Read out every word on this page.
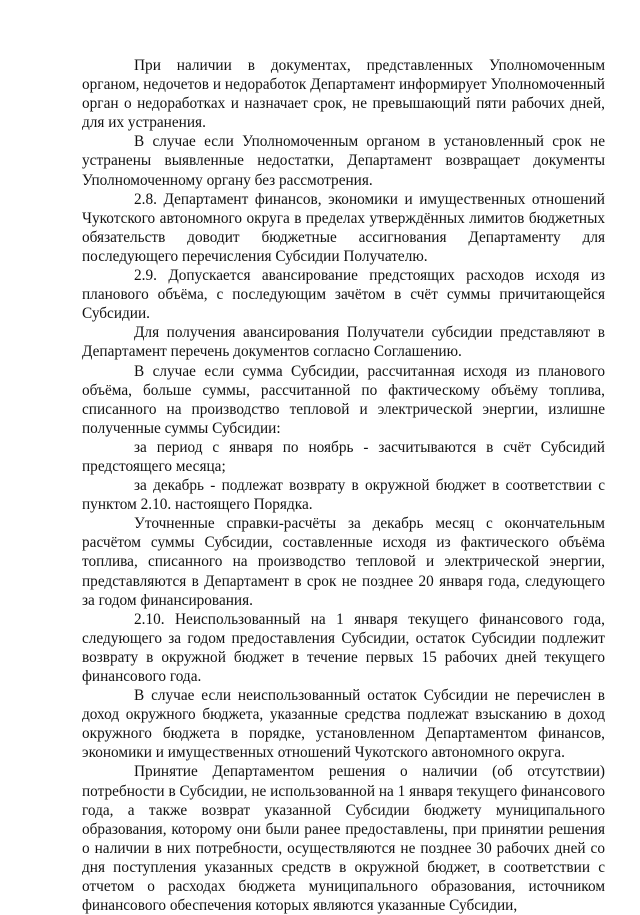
При наличии в документах, представленных Уполномоченным органом, недочетов и недоработок Департамент информирует Уполномоченный орган о недоработках и назначает срок, не превышающий пяти рабочих дней, для их устранения.

В случае если Уполномоченным органом в установленный срок не устранены выявленные недостатки, Департамент возвращает документы Уполномоченному органу без рассмотрения.

2.8. Департамент финансов, экономики и имущественных отношений Чукотского автономного округа в пределах утверждённых лимитов бюджетных обязательств доводит бюджетные ассигнования Департаменту для последующего перечисления Субсидии Получателю.

2.9. Допускается авансирование предстоящих расходов исходя из планового объёма, с последующим зачётом в счёт суммы причитающейся Субсидии.

Для получения авансирования Получатели субсидии представляют в Департамент перечень документов согласно Соглашению.

В случае если сумма Субсидии, рассчитанная исходя из планового объёма, больше суммы, рассчитанной по фактическому объёму топлива, списанного на производство тепловой и электрической энергии, излишне полученные суммы Субсидии:

за период с января по ноябрь - засчитываются в счёт Субсидий предстоящего месяца;

за декабрь - подлежат возврату в окружной бюджет в соответствии с пунктом 2.10. настоящего Порядка.

Уточненные справки-расчёты за декабрь месяц с окончательным расчётом суммы Субсидии, составленные исходя из фактического объёма топлива, списанного на производство тепловой и электрической энергии, представляются в Департамент в срок не позднее 20 января года, следующего за годом финансирования.

2.10. Неиспользованный на 1 января текущего финансового года, следующего за годом предоставления Субсидии, остаток Субсидии подлежит возврату в окружной бюджет в течение первых 15 рабочих дней текущего финансового года.

В случае если неиспользованный остаток Субсидии не перечислен в доход окружного бюджета, указанные средства подлежат взысканию в доход окружного бюджета в порядке, установленном Департаментом финансов, экономики и имущественных отношений Чукотского автономного округа.

Принятие Департаментом решения о наличии (об отсутствии) потребности в Субсидии, не использованной на 1 января текущего финансового года, а также возврат указанной Субсидии бюджету муниципального образования, которому они были ранее предоставлены, при принятии решения о наличии в них потребности, осуществляются не позднее 30 рабочих дней со дня поступления указанных средств в окружной бюджет, в соответствии с отчетом о расходах бюджета муниципального образования, источником финансового обеспечения которых являются указанные Субсидии,
